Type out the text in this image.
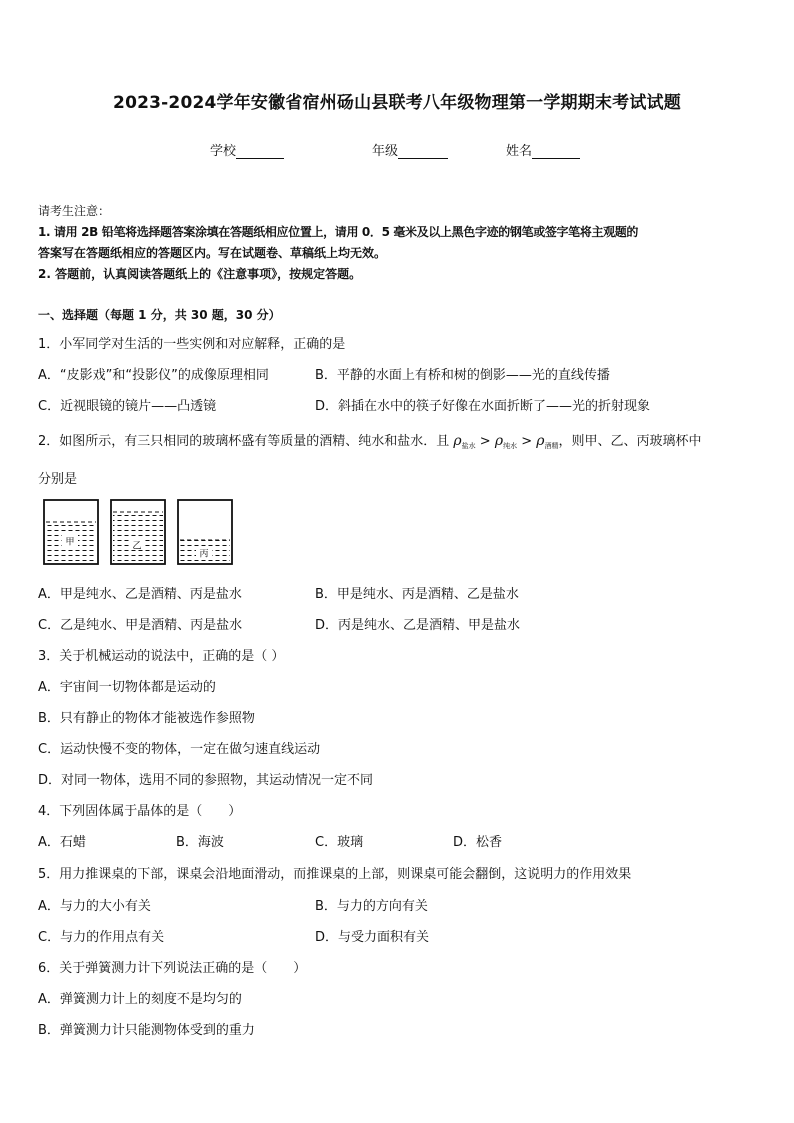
2023-2024学年安徽省宿州砀山县联考八年级物理第一学期期末考试试题
学校	年级	姓名
请考生注意：
1. 请用 2B 铅笔将选择题答案涂填在答题纸相应位置上，请用 0．5 毫米及以上黑色字迹的钢笔或签字笔将主观题的
答案写在答题纸相应的答题区内。写在试题卷、草稿纸上均无效。
2. 答题前，认真阅读答题纸上的《注意事项》，按规定答题。
一、选择题（每题 1 分，共 30 题，30 分）
1．小军同学对生活的一些实例和对应解释，正确的是
A．“皮影戏”和“投影仪”的成像原理相同	B．平静的水面上有桥和树的倒影——光的直线传播
C．近视眼镜的镜片——凸透镜	D．斜插在水中的筷子好像在水面折断了——光的折射现象
2．如图所示，有三只相同的玻璃杯盛有等质量的酒精、纯水和盐水．且 $\rho_{盐水} > \rho_{纯水} > \rho_{酒精}$，则甲、乙、丙玻璃杯中
分别是
甲	乙
丙
A．甲是纯水、乙是酒精、丙是盐水	B．甲是纯水、丙是酒精、乙是盐水
C．乙是纯水、甲是酒精、丙是盐水	D．丙是纯水、乙是酒精、甲是盐水
3．关于机械运动的说法中，正确的是（ ）
A．宇宙间一切物体都是运动的
B．只有静止的物体才能被选作参照物
C．运动快慢不变的物体，一定在做匀速直线运动
D．对同一物体，选用不同的参照物，其运动情况一定不同
4．下列固体属于晶体的是（　　）
A．石蜡	B．海波	C．玻璃	D．松香
5．用力推课桌的下部，课桌会沿地面滑动，而推课桌的上部，则课桌可能会翻倒，这说明力的作用效果
A．与力的大小有关	B．与力的方向有关
C．与力的作用点有关	D．与受力面积有关
6．关于弹簧测力计下列说法正确的是（　　）
A．弹簧测力计上的刻度不是均匀的
B．弹簧测力计只能测物体受到的重力
